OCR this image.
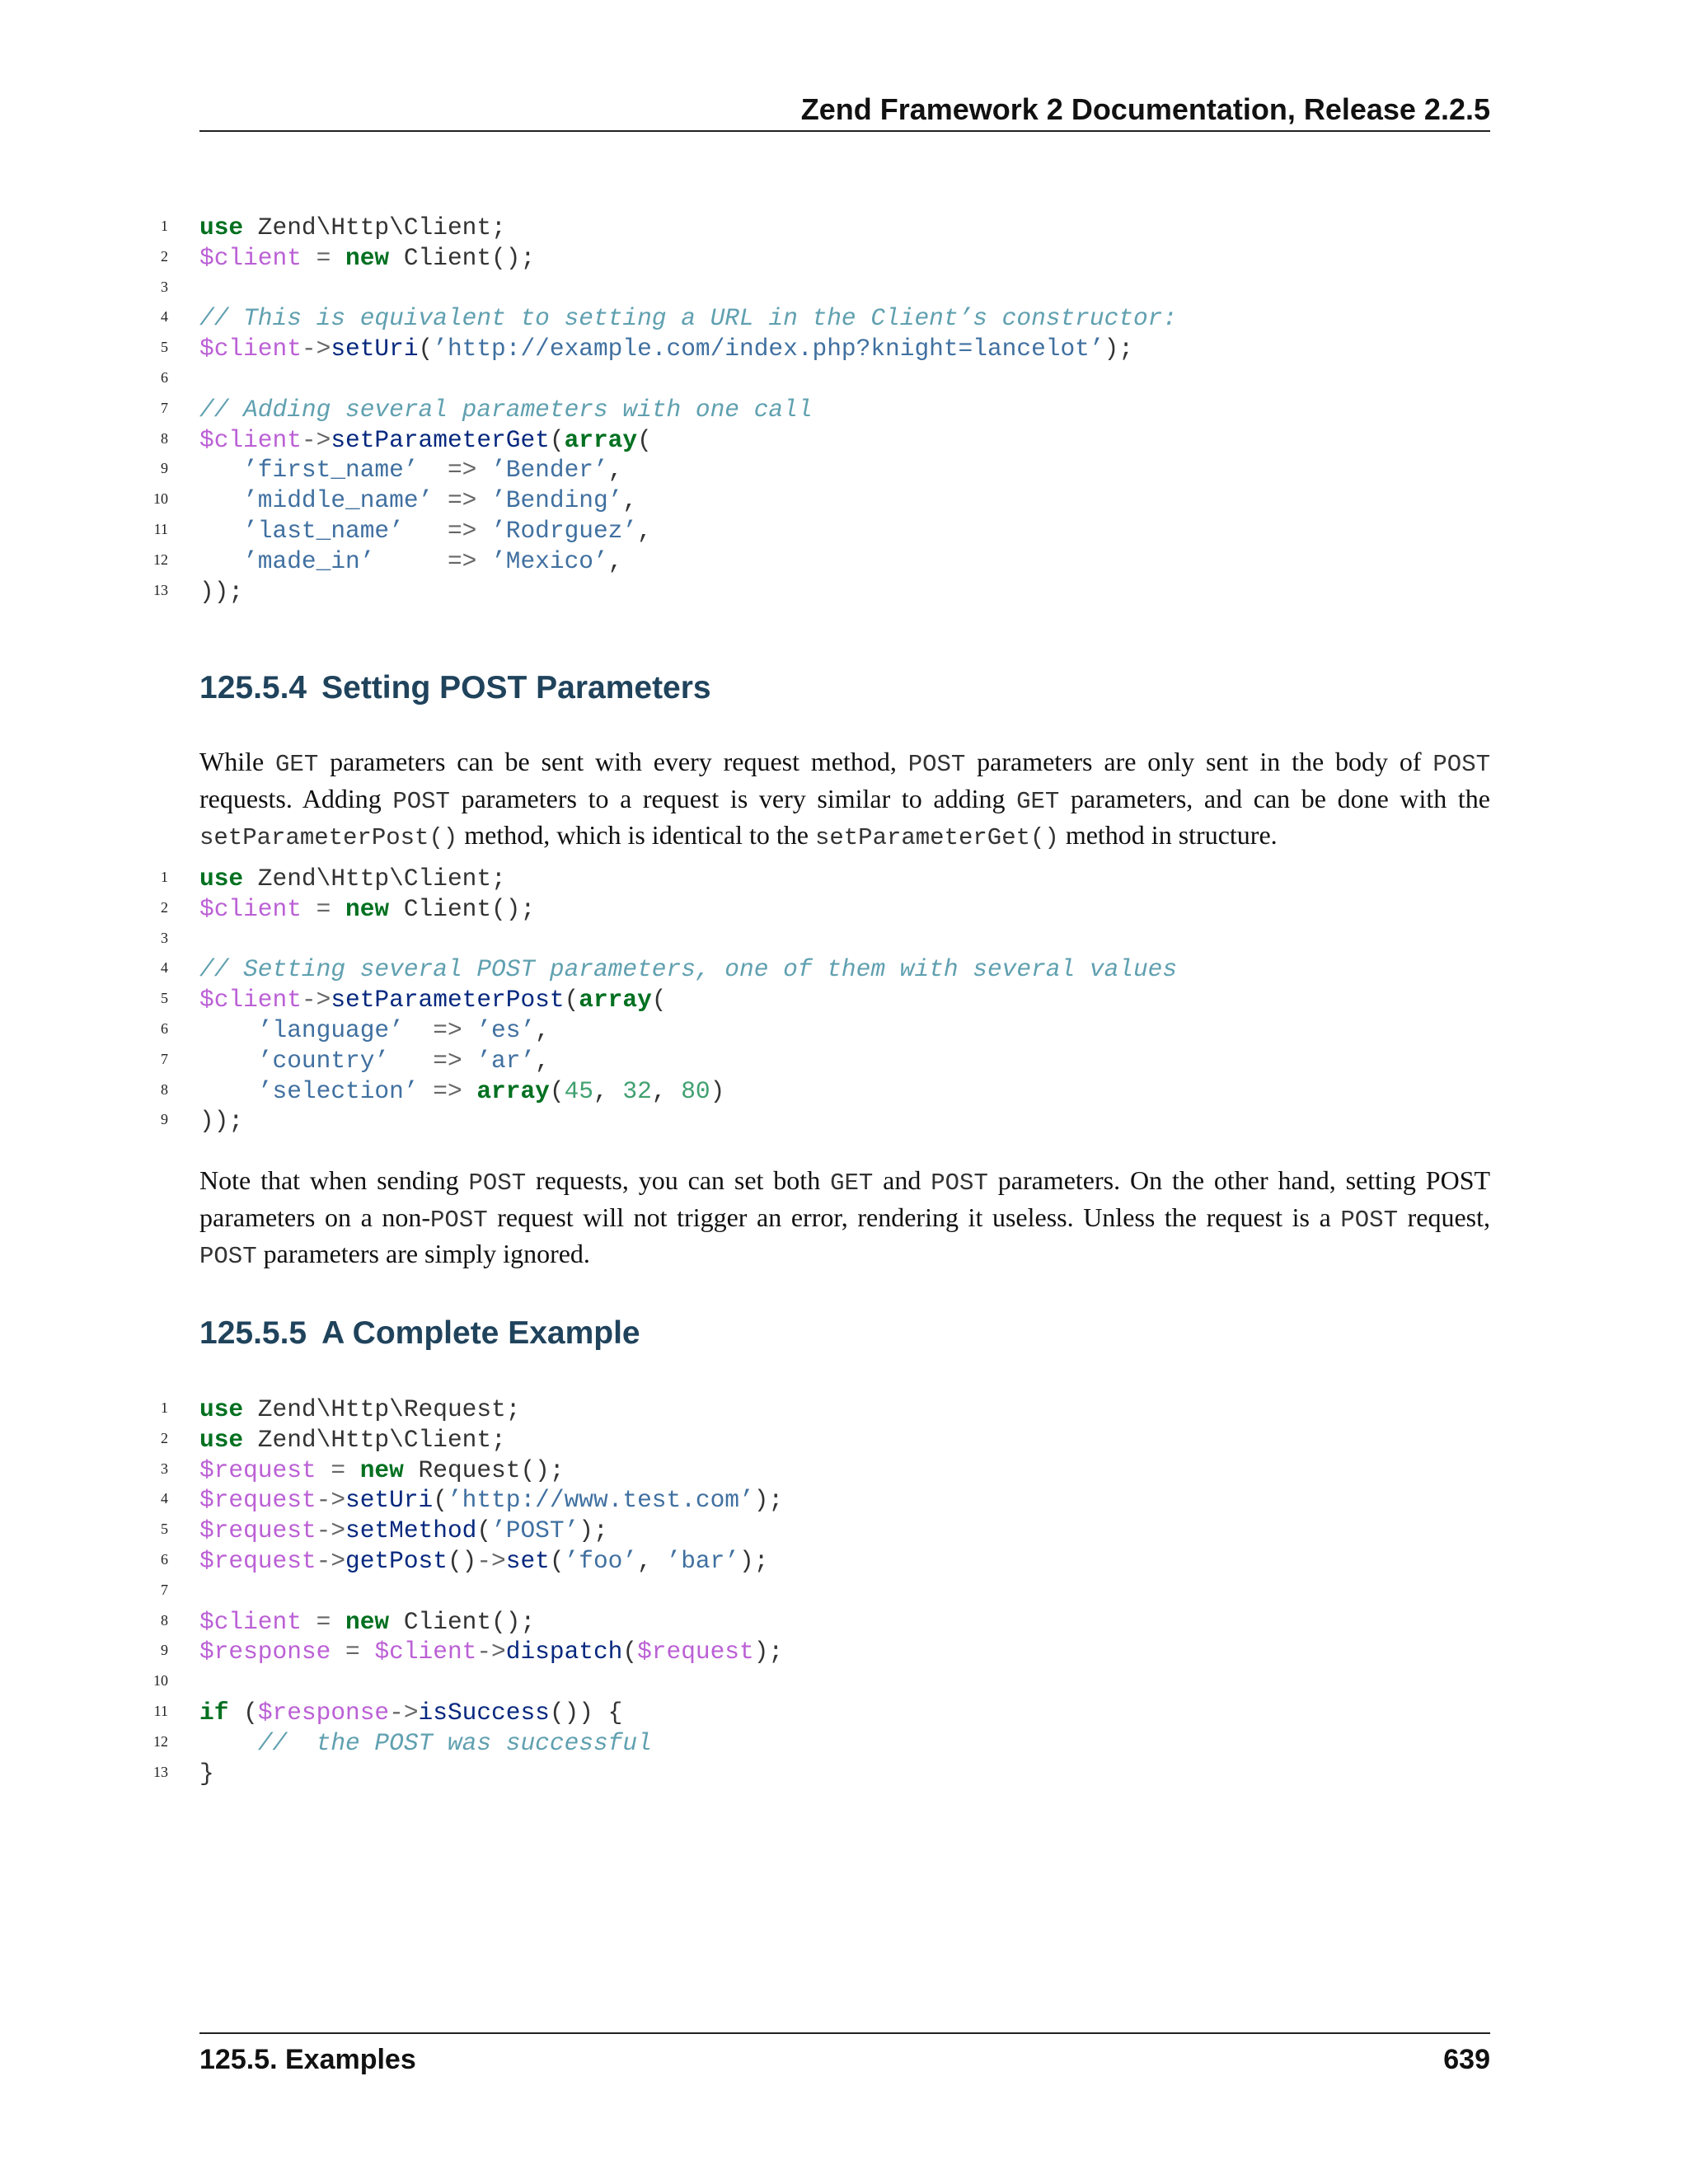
Zend Framework 2 Documentation, Release 2.2.5
1 use Zend\Http\Client;
2 $client = new Client();
3
4 // This is equivalent to setting a URL in the Client’s constructor:
5 $client->setUri(’http://example.com/index.php?knight=lancelot’);
6
7 // Adding several parameters with one call
8 $client->setParameterGet(array(
9	’first_name’ => ’Bender’,
10	’middle_name’ => ’Bending’,
11	’last_name’ => ’Rodrguez’,
12	’made_in’	=> ’Mexico’,
13 ));
125.5.4 Setting POST Parameters
While GET parameters can be sent with every request method, POST parameters are only sent in the body of POST requests. Adding POST parameters to a request is very similar to adding GET parameters, and can be done with the setParameterPost() method, which is identical to the setParameterGet() method in structure.
1 use Zend\Http\Client;
2 $client = new Client();
3
4 // Setting several POST parameters, one of them with several values
5 $client->setParameterPost(array(
6	’language’ => ’es’,
7	’country’ => ’ar’,
8	’selection’ => array(45, 32, 80)
9 ));
Note that when sending POST requests, you can set both GET and POST parameters. On the other hand, setting POST parameters on a non-POST request will not trigger an error, rendering it useless. Unless the request is a POST request, POST parameters are simply ignored.
125.5.5 A Complete Example
1 use Zend\Http\Request;
2 use Zend\Http\Client;
3 $request = new Request();
4 $request->setUri(’http://www.test.com’);
5 $request->setMethod(’POST’);
6 $request->getPost()->set(’foo’, ’bar’);
7
8 $client = new Client();
9 $response = $client->dispatch($request);
10
11 if ($response->isSuccess()) {
12	//  the POST was successful
13 }
125.5. Examples	639
